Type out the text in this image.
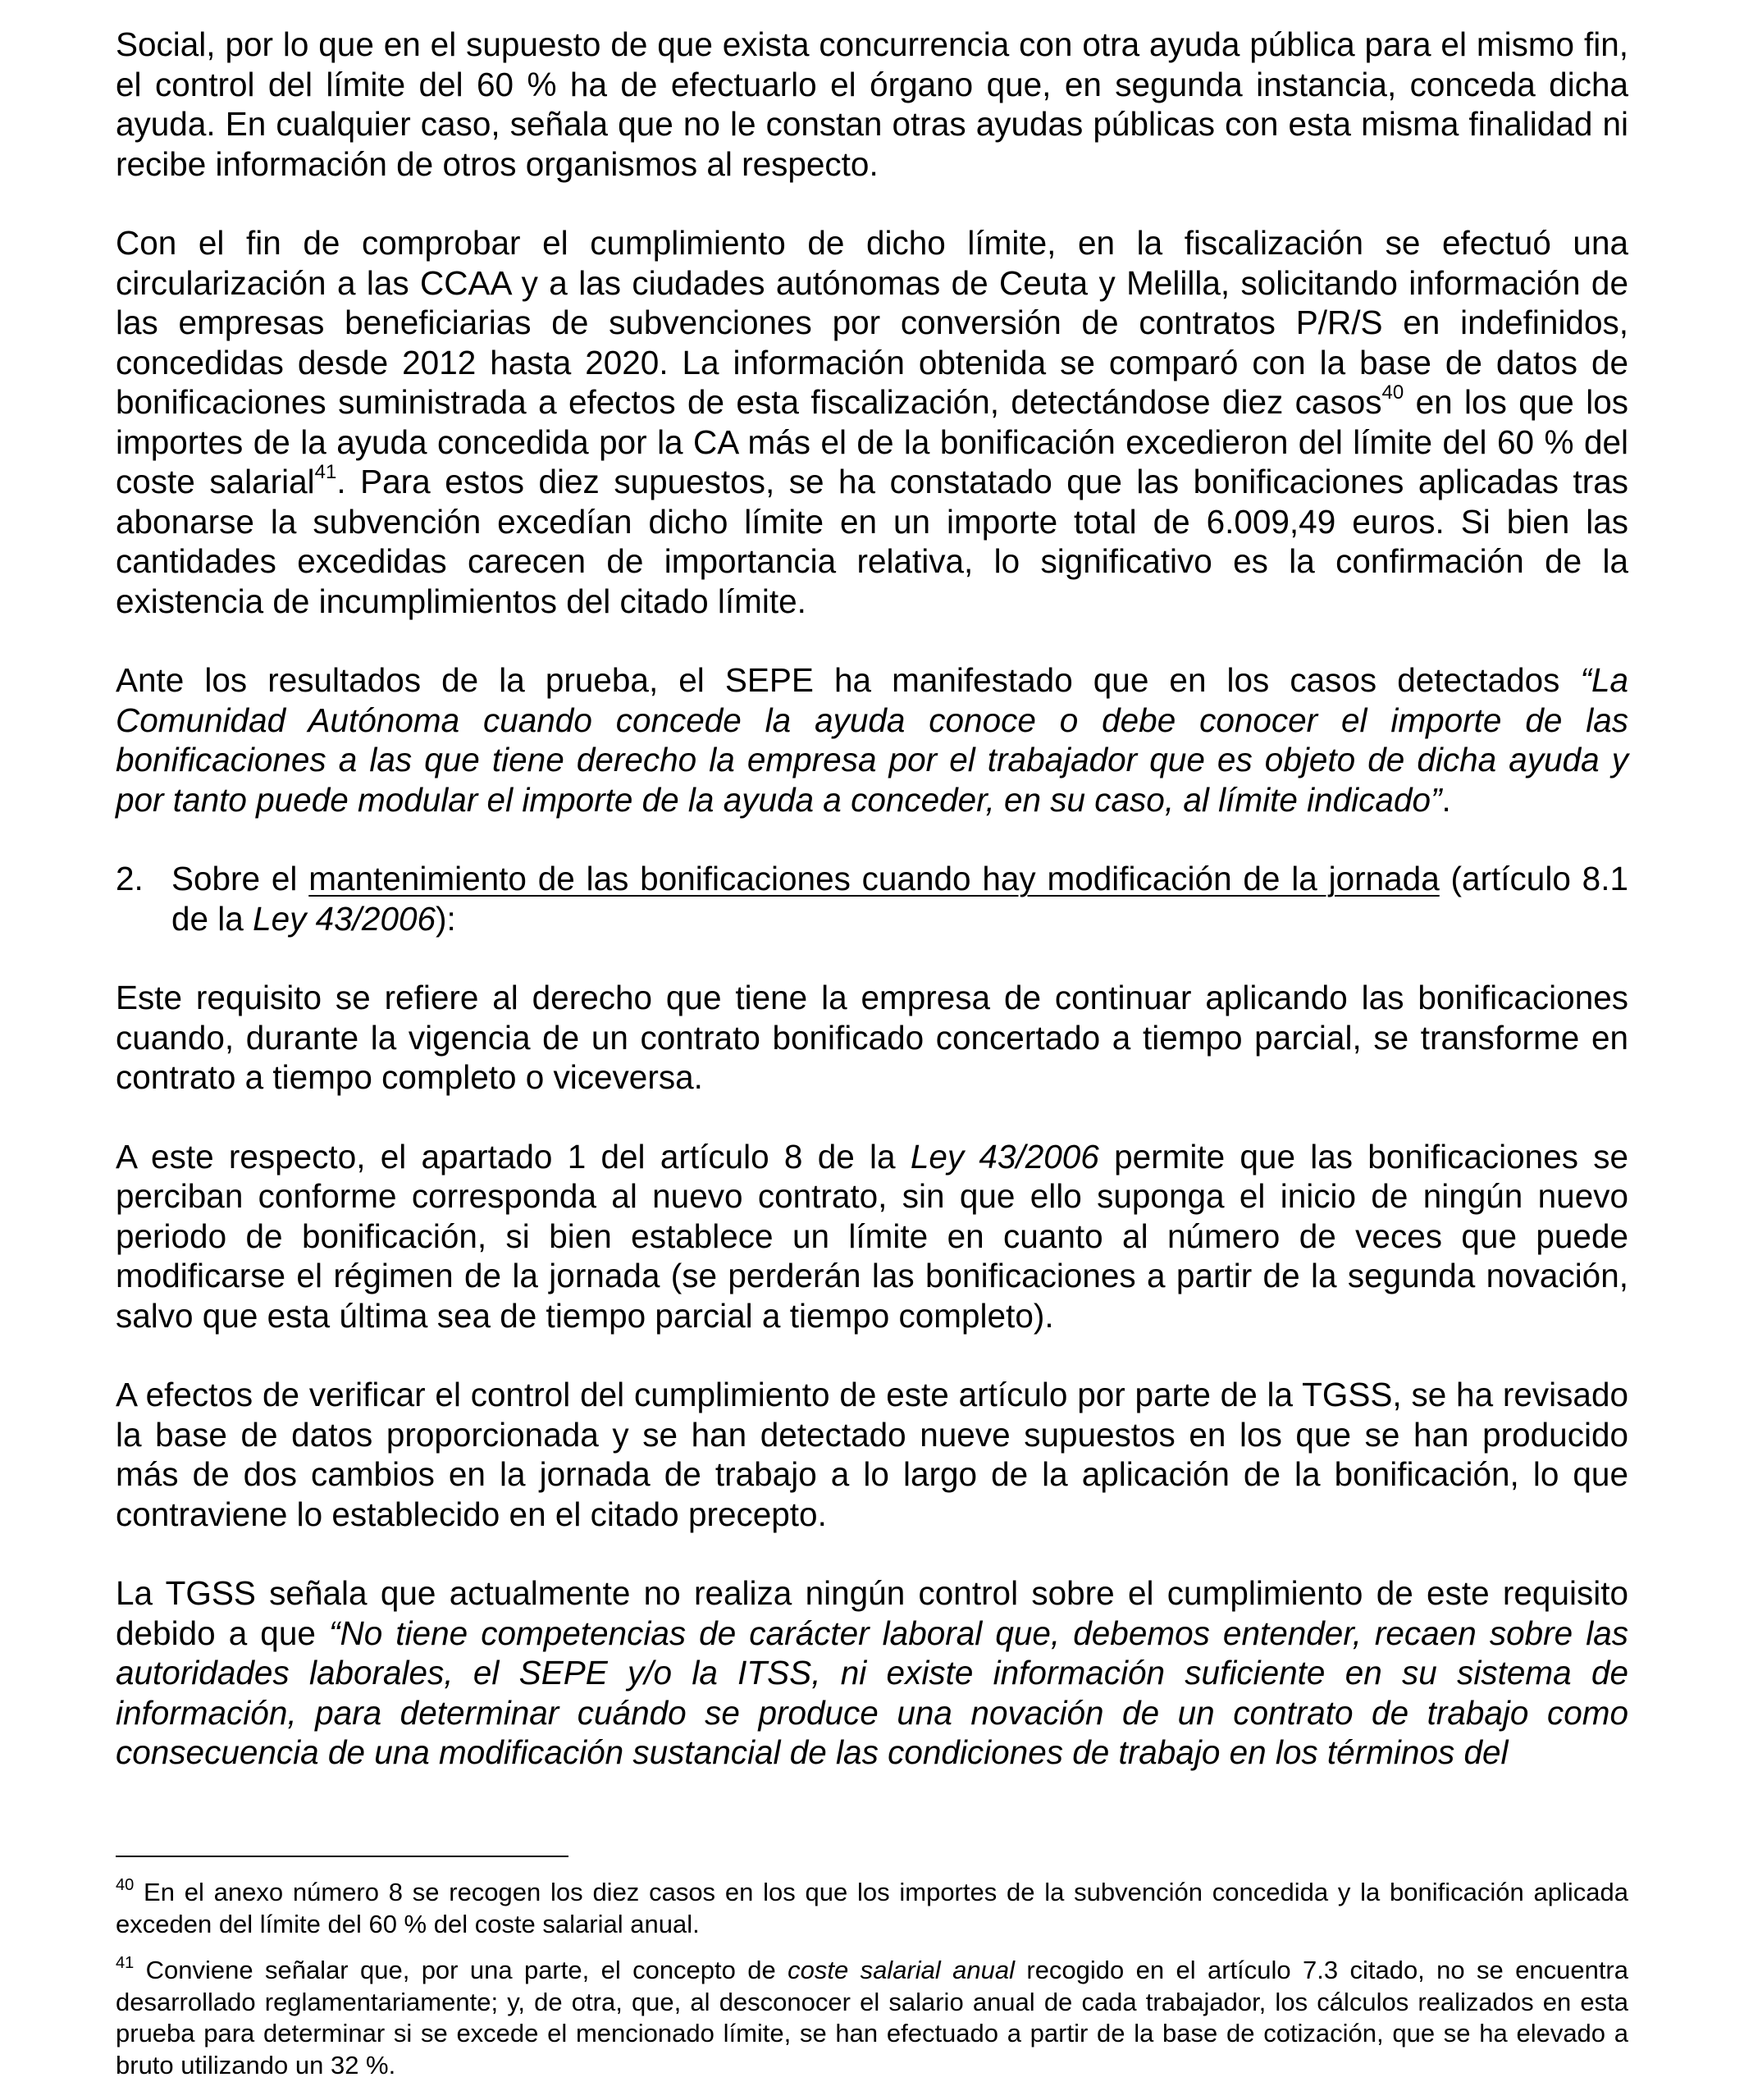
Social, por lo que en el supuesto de que exista concurrencia con otra ayuda pública para el mismo fin, el control del límite del 60 % ha de efectuarlo el órgano que, en segunda instancia, conceda dicha ayuda. En cualquier caso, señala que no le constan otras ayudas públicas con esta misma finalidad ni recibe información de otros organismos al respecto.

Con el fin de comprobar el cumplimiento de dicho límite, en la fiscalización se efectuó una circularización a las CCAA y a las ciudades autónomas de Ceuta y Melilla, solicitando información de las empresas beneficiarias de subvenciones por conversión de contratos P/R/S en indefinidos, concedidas desde 2012 hasta 2020. La información obtenida se comparó con la base de datos de bonificaciones suministrada a efectos de esta fiscalización, detectándose diez casos$^{40}$ en los que los importes de la ayuda concedida por la CA más el de la bonificación excedieron del límite del 60 % del coste salarial$^{41}$. Para estos diez supuestos, se ha constatado que las bonificaciones aplicadas tras abonarse la subvención excedían dicho límite en un importe total de 6.009,49 euros. Si bien las cantidades excedidas carecen de importancia relativa, lo significativo es la confirmación de la existencia de incumplimientos del citado límite.

Ante los resultados de la prueba, el SEPE ha manifestado que en los casos detectados “La Comunidad Autónoma cuando concede la ayuda conoce o debe conocer el importe de las bonificaciones a las que tiene derecho la empresa por el trabajador que es objeto de dicha ayuda y por tanto puede modular el importe de la ayuda a conceder, en su caso, al límite indicado”.

2. Sobre el mantenimiento de las bonificaciones cuando hay modificación de la jornada (artículo 8.1 de la Ley 43/2006):

Este requisito se refiere al derecho que tiene la empresa de continuar aplicando las bonificaciones cuando, durante la vigencia de un contrato bonificado concertado a tiempo parcial, se transforme en contrato a tiempo completo o viceversa.

A este respecto, el apartado 1 del artículo 8 de la Ley 43/2006 permite que las bonificaciones se perciban conforme corresponda al nuevo contrato, sin que ello suponga el inicio de ningún nuevo periodo de bonificación, si bien establece un límite en cuanto al número de veces que puede modificarse el régimen de la jornada (se perderán las bonificaciones a partir de la segunda novación, salvo que esta última sea de tiempo parcial a tiempo completo).

A efectos de verificar el control del cumplimiento de este artículo por parte de la TGSS, se ha revisado la base de datos proporcionada y se han detectado nueve supuestos en los que se han producido más de dos cambios en la jornada de trabajo a lo largo de la aplicación de la bonificación, lo que contraviene lo establecido en el citado precepto.

La TGSS señala que actualmente no realiza ningún control sobre el cumplimiento de este requisito debido a que “No tiene competencias de carácter laboral que, debemos entender, recaen sobre las autoridades laborales, el SEPE y/o la ITSS, ni existe información suficiente en su sistema de información, para determinar cuándo se produce una novación de un contrato de trabajo como consecuencia de una modificación sustancial de las condiciones de trabajo en los términos del

$^{40}$ En el anexo número 8 se recogen los diez casos en los que los importes de la subvención concedida y la bonificación aplicada exceden del límite del 60 % del coste salarial anual.

$^{41}$ Conviene señalar que, por una parte, el concepto de coste salarial anual recogido en el artículo 7.3 citado, no se encuentra desarrollado reglamentariamente; y, de otra, que, al desconocer el salario anual de cada trabajador, los cálculos realizados en esta prueba para determinar si se excede el mencionado límite, se han efectuado a partir de la base de cotización, que se ha elevado a bruto utilizando un 32 %.
